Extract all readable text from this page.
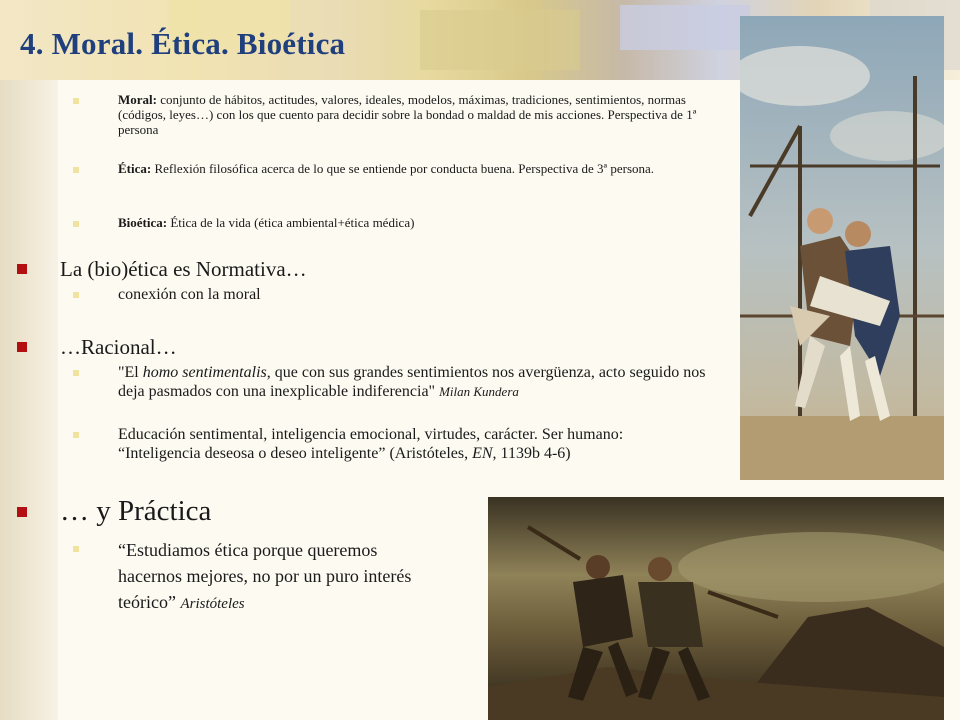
4. Moral. Ética. Bioética

Moral: conjunto de hábitos, actitudes, valores, ideales, modelos, máximas, tradiciones, sentimientos, normas (códigos, leyes…) con los que cuento para decidir sobre la bondad o maldad de mis acciones. Perspectiva de 1ª persona

Ética: Reflexión filosófica acerca de lo que se entiende por conducta buena. Perspectiva de 3ª persona.

Bioética: Ética de la vida (ética ambiental+ética médica)

La (bio)ética es Normativa…

conexión con la moral

…Racional…

"El homo sentimentalis, que con sus grandes sentimientos nos avergüenza, acto seguido nos deja pasmados con una inexplicable indiferencia" Milan Kundera

Educación sentimental, inteligencia emocional, virtudes, carácter. Ser humano:
“Inteligencia deseosa o deseo inteligente” (Aristóteles, EN, 1139b 4-6)

… y Práctica

“Estudiamos ética porque queremos hacernos mejores, no por un puro interés teórico” Aristóteles
